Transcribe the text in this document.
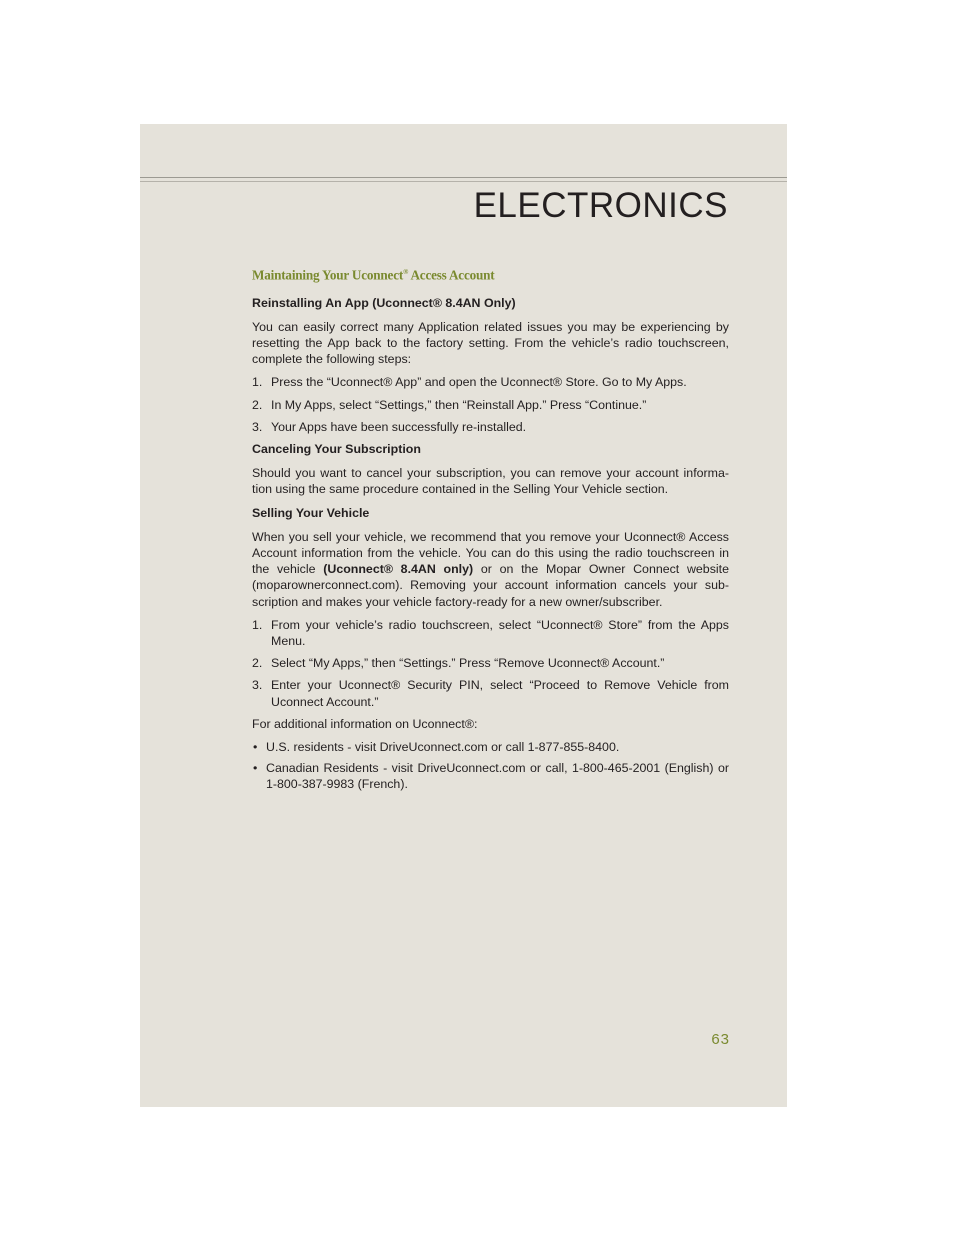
ELECTRONICS
Maintaining Your Uconnect® Access Account
Reinstalling An App (Uconnect® 8.4AN Only)

You can easily correct many Application related issues you may be experiencing by resetting the App back to the factory setting. From the vehicle’s radio touchscreen, complete the following steps:

1. Press the “Uconnect® App” and open the Uconnect® Store. Go to My Apps.
2. In My Apps, select “Settings,” then “Reinstall App.” Press “Continue.”
3. Your Apps have been successfully re-installed.
Canceling Your Subscription

Should you want to cancel your subscription, you can remove your account informa-tion using the same procedure contained in the Selling Your Vehicle section.

Selling Your Vehicle

When you sell your vehicle, we recommend that you remove your Uconnect® Access Account information from the vehicle. You can do this using the radio touchscreen in the vehicle (Uconnect® 8.4AN only) or on the Mopar Owner Connect website (moparownerconnect.com). Removing your account information cancels your sub-scription and makes your vehicle factory-ready for a new owner/subscriber.

1. From your vehicle’s radio touchscreen, select “Uconnect® Store” from the Apps Menu.
2. Select “My Apps,” then “Settings.” Press “Remove Uconnect® Account.”
3. Enter your Uconnect® Security PIN, select “Proceed to Remove Vehicle from Uconnect Account.”

For additional information on Uconnect®:

• U.S. residents - visit DriveUconnect.com or call 1-877-855-8400.
• Canadian Residents - visit DriveUconnect.com or call, 1-800-465-2001 (English) or 1-800-387-9983 (French).
63
